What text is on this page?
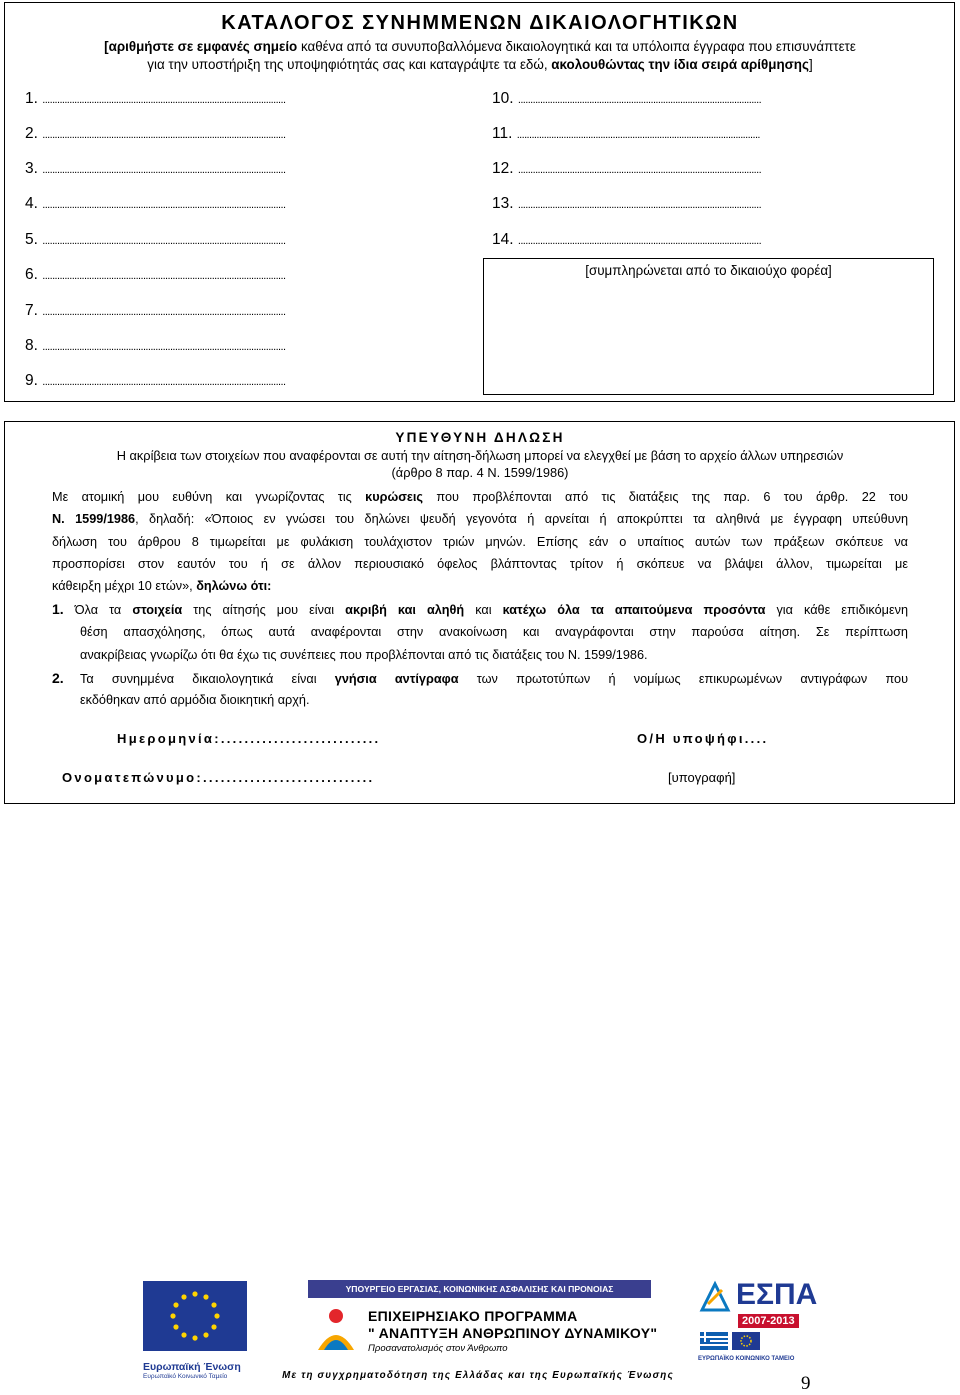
ΚΑΤΑΛΟΓΟΣ ΣΥΝΗΜΜΕΝΩΝ ΔΙΚΑΙΟΛΟΓΗΤΙΚΩΝ
[αριθμήστε σε εμφανές σημείο καθένα από τα συνυποβαλλόμενα δικαιολογητικά και τα υπόλοιπα έγγραφα που επισυνάπτετε
για την υποστήριξη της υποψηφιότητάς σας και καταγράψτε τα εδώ, ακολουθώντας την ίδια σειρά αρίθμησης]
1. ...................................................................................................
2. ...................................................................................................
3. ...................................................................................................
4. ...................................................................................................
5. ...................................................................................................
6. ...................................................................................................
7. ...................................................................................................
8. ...................................................................................................
9. ...................................................................................................
10. ...................................................................................................
11. ...................................................................................................
12. ...................................................................................................
13. ...................................................................................................
14. ...................................................................................................
[συμπληρώνεται από το δικαιούχο φορέα]
ΥΠΕΥΘΥΝΗ ΔΗΛΩΣΗ
Η ακρίβεια των στοιχείων που αναφέρονται σε αυτή την αίτηση-δήλωση μπορεί να ελεγχθεί με βάση το αρχείο άλλων υπηρεσιών
(άρθρο 8 παρ. 4 Ν. 1599/1986)
Με ατομική μου ευθύνη και γνωρίζοντας τις κυρώσεις που προβλέπονται από τις διατάξεις της παρ. 6 του άρθρ. 22 του
Ν. 1599/1986, δηλαδή: «Όποιος εν γνώσει του δηλώνει ψευδή γεγονότα ή αρνείται ή αποκρύπτει τα αληθινά με έγγραφη υπεύθυνη
δήλωση του άρθρου 8 τιμωρείται με φυλάκιση τουλάχιστον τριών μηνών. Επίσης εάν ο υπαίτιος αυτών των πράξεων σκόπευε να
προσπορίσει στον εαυτόν του ή σε άλλον περιουσιακό όφελος βλάπτοντας τρίτον ή σκόπευε να βλάψει άλλον, τιμωρείται με
κάθειρξη μέχρι 10 ετών», δηλώνω ότι:
1. Όλα τα στοιχεία της αίτησής μου είναι ακριβή και αληθή και κατέχω όλα τα απαιτούμενα προσόντα για κάθε επιδικόμενη
θέση απασχόλησης, όπως αυτά αναφέρονται στην ανακοίνωση και αναγράφονται στην παρούσα αίτηση. Σε περίπτωση
ανακρίβειας γνωρίζω ότι θα έχω τις συνέπειες που προβλέπονται από τις διατάξεις του Ν. 1599/1986.
2. Τα συνημμένα δικαιολογητικά είναι γνήσια αντίγραφα των πρωτοτύπων ή νομίμως επικυρωμένων αντιγράφων που
εκδόθηκαν από αρμόδια διοικητική αρχή.
Ημερομηνία:...........................	Ο/Η υποψήφι....
Ονοματεπώνυμο:.............................	[υπογραφή]
Ευρωπαϊκή Ένωση
Ευρωπαϊκό Κοινωνικό Ταμείο
ΥΠΟΥΡΓΕΙΟ ΕΡΓΑΣΙΑΣ, ΚΟΙΝΩΝΙΚΗΣ ΑΣΦΑΛΙΣΗΣ ΚΑΙ ΠΡΟΝΟΙΑΣ
ΕΠΙΧΕΙΡΗΣΙΑΚΟ ΠΡΟΓΡΑΜΜΑ
" ΑΝΑΠΤΥΞΗ ΑΝΘΡΩΠΙΝΟΥ ΔΥΝΑΜΙΚΟΥ"
Προσανατολισμός στον Άνθρωπο
Με τη συγχρηματοδότηση της Ελλάδας και της Ευρωπαϊκής Ένωσης
ΕΣΠΑ
2007-2013
ΕΥΡΩΠΑΪΚΟ ΚΟΙΝΩΝΙΚΟ ΤΑΜΕΙΟ
9
